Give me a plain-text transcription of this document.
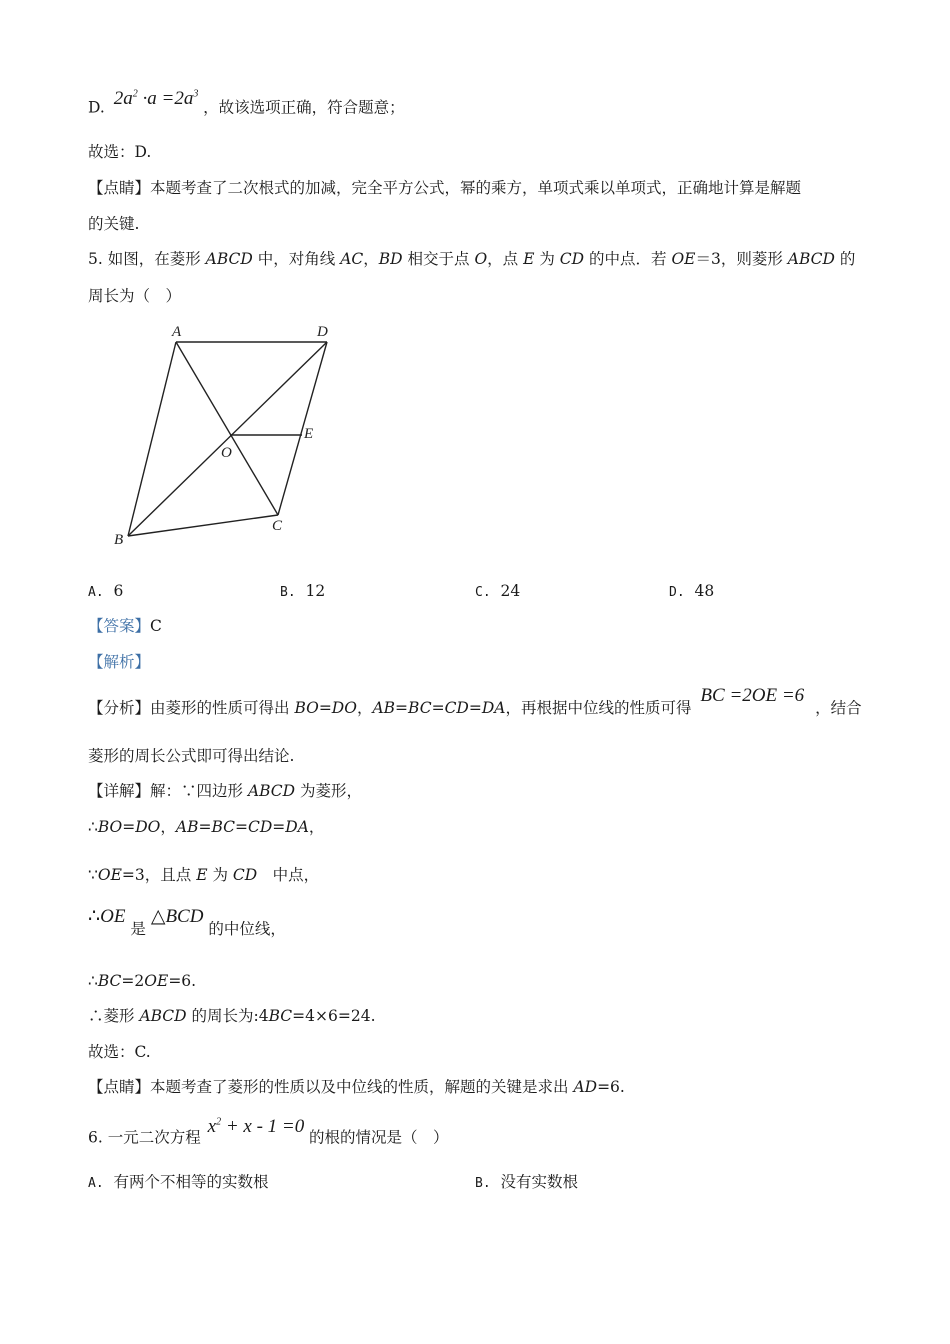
D. $2a^2 \cdot a =2a^3$ ，故该选项正确，符合题意；
故选：D.
【点睛】本题考查了二次根式的加减，完全平方公式，幂的乘方，单项式乘以单项式，正确地计算是解题
的关键.
5. 如图，在菱形 ABCD 中，对角线 AC，BD 相交于点 O，点 E 为 CD 的中点．若 OE＝3，则菱形 ABCD 的
周长为（　）
A	D
E
O
C
B
A. 6	B. 12	C. 24	D. 48
【答案】C
【解析】
【分析】由菱形的性质可得出 BO=DO，AB=BC=CD=DA，再根据中位线的性质可得 BC =2OE =6 ，结合
菱形的周长公式即可得出结论.
【详解】解：∵四边形 ABCD 为菱形，
∴BO=DO，AB=BC=CD=DA，
∵OE=3，且点 E 为 CD　中点，
∴OE 是 △BCD 的中位线，
∴BC=2OE=6.
∴菱形 ABCD 的周长为:4BC=4×6=24.
故选：C.
【点睛】本题考查了菱形的性质以及中位线的性质，解题的关键是求出 AD=6.
6. 一元二次方程 $x^2 + x - 1 =0$ 的根的情况是（　）
A. 有两个不相等的实数根	B. 没有实数根
